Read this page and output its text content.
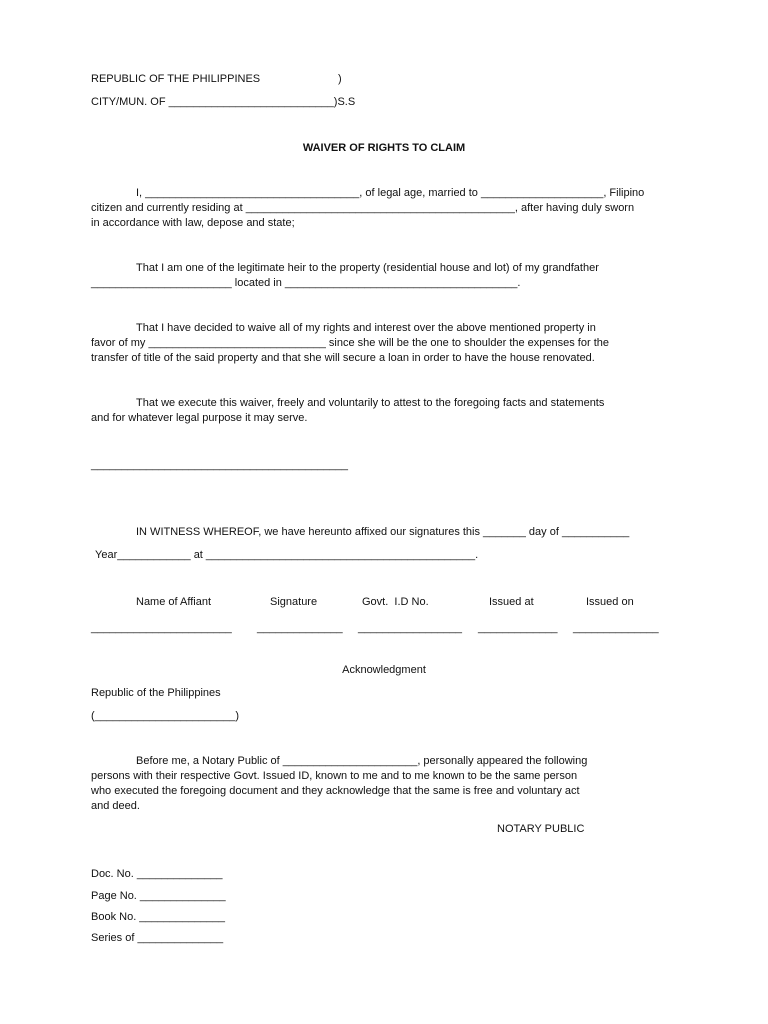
REPUBLIC OF THE PHILIPPINES	)
CITY/MUN. OF ___________________________)S.S
WAIVER OF RIGHTS TO CLAIM
I, ___________________________________, of legal age, married to ____________________, Filipino
citizen and currently residing at ____________________________________________, after having duly sworn
in accordance with law, depose and state;
That I am one of the legitimate heir to the property (residential house and lot) of my grandfather
_______________________ located in ______________________________________.
That I have decided to waive all of my rights and interest over the above mentioned property in
favor of my _____________________________ since she will be the one to shoulder the expenses for the
transfer of title of the said property and that she will secure a loan in order to have the house renovated.
That we execute this waiver, freely and voluntarily to attest to the foregoing facts and statements
and for whatever legal purpose it may serve.
__________________________________________
IN WITNESS WHEREOF, we have hereunto affixed our signatures this _______ day of ___________
Year____________ at ____________________________________________.
Name of Affiant	Signature	Govt.  I.D No.	Issued at	Issued on
_______________________ ______________ _________________ _____________ ______________
Acknowledgment
Republic of the Philippines
(_______________________)
Before me, a Notary Public of ______________________, personally appeared the following
persons with their respective Govt. Issued ID, known to me and to me known to be the same person
who executed the foregoing document and they acknowledge that the same is free and voluntary act
and deed.
NOTARY PUBLIC
Doc. No. ______________
Page No. ______________
Book No. ______________
Series of ______________
